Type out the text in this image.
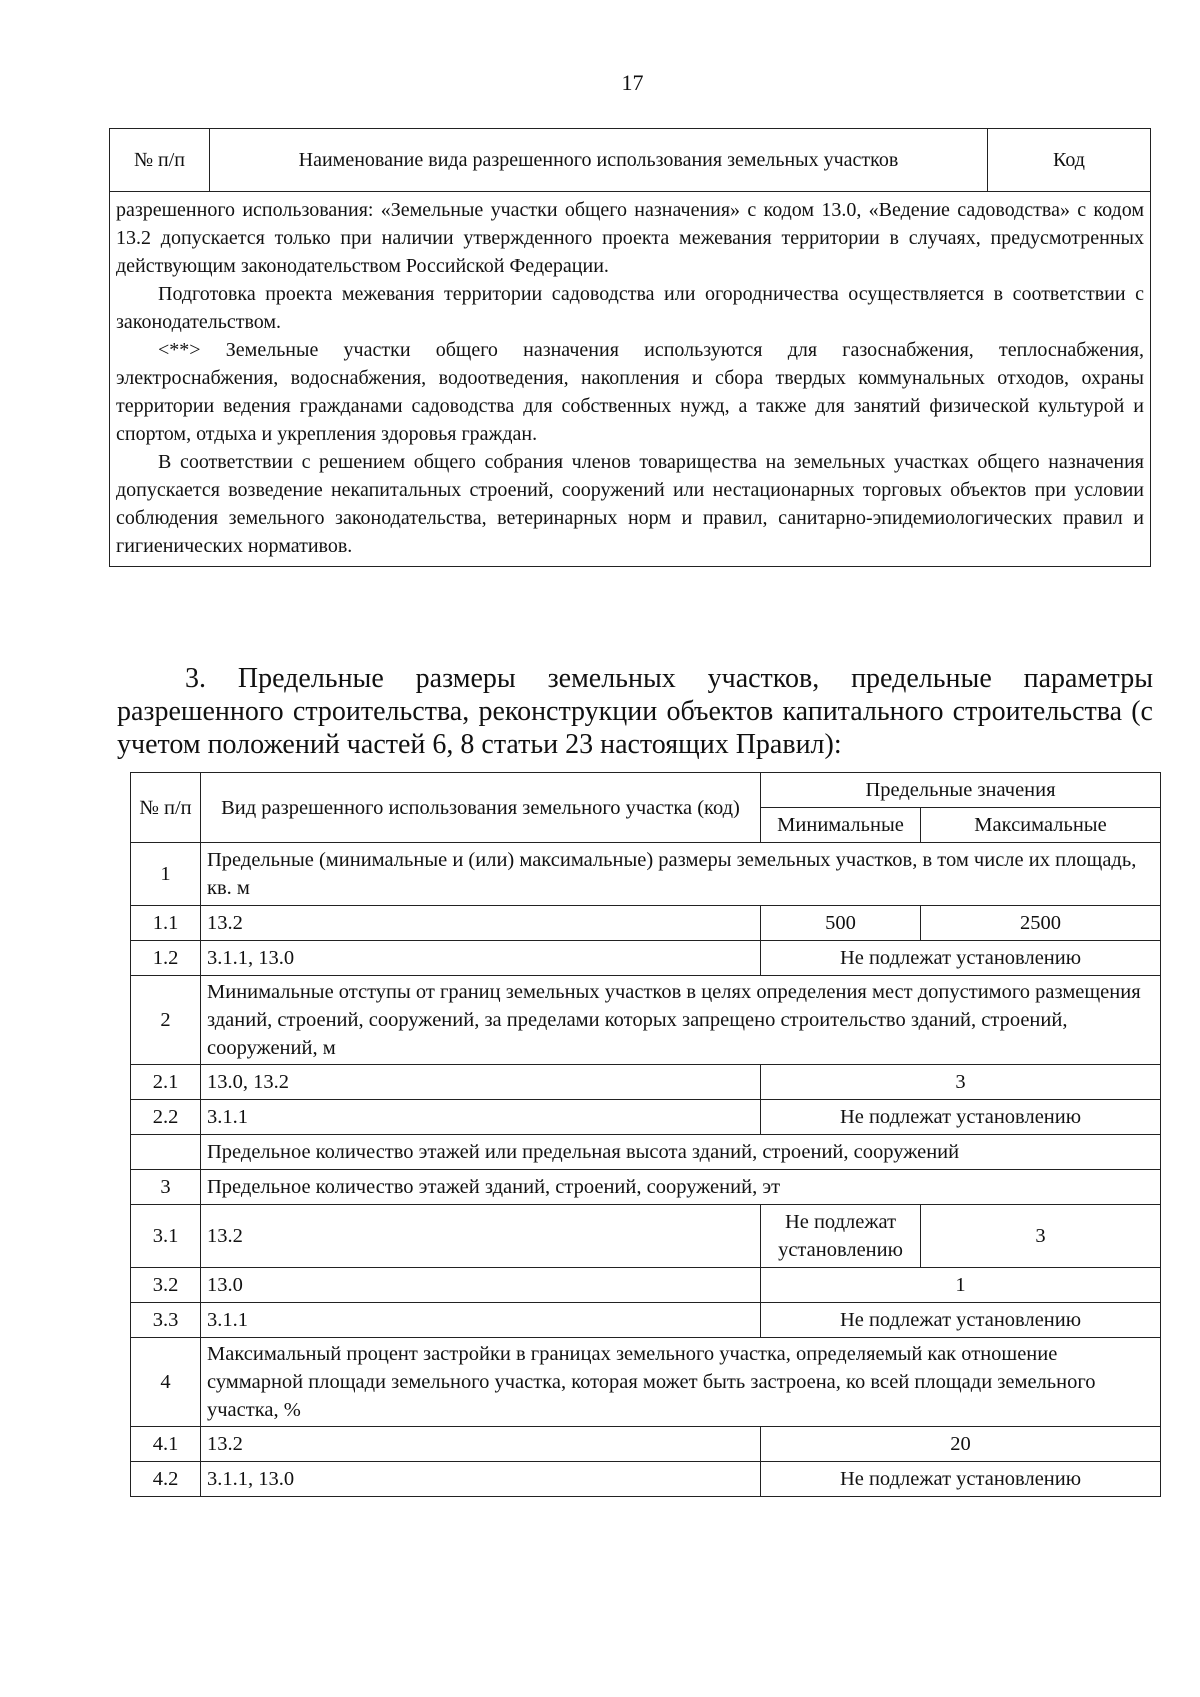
17
№ п/п	Наименование вида разрешенного использования земельных участков	Код

разрешенного использования: «Земельные участки общего назначения» с кодом 13.0, «Ведение садоводства» с кодом 13.2 допускается только при наличии утвержденного проекта межевания территории в случаях, предусмотренных действующим законодательством Российской Федерации.

Подготовка проекта межевания территории садоводства или огородничества осуществляется в соответствии с законодательством.

<**> Земельные участки общего назначения используются для газоснабжения, теплоснабжения, электроснабжения, водоснабжения, водоотведения, накопления и сбора твердых коммунальных отходов, охраны территории ведения гражданами садоводства для собственных нужд, а также для занятий физической культурой и спортом, отдыха и укрепления здоровья граждан.

В соответствии с решением общего собрания членов товарищества на земельных участках общего назначения допускается возведение некапитальных строений, сооружений или нестационарных торговых объектов при условии соблюдения земельного законодательства, ветеринарных норм и правил, санитарно-эпидемиологических правил и гигиенических нормативов.

3. Предельные размеры земельных участков, предельные параметры разрешенного строительства, реконструкции объектов капитального строительства (с учетом положений частей 6, 8 статьи 23 настоящих Правил):

№ п/п	Вид разрешенного использования земельного участка (код)	Предельные значения	
		Минимальные	Максимальные
1	Предельные (минимальные и (или) максимальные) размеры земельных участков, в том числе их площадь, кв. м		
1.1	13.2	500	2500
1.2	3.1.1, 13.0	Не подлежат установлению	
2	Минимальные отступы от границ земельных участков в целях определения мест допустимого размещения зданий, строений, сооружений, за пределами которых запрещено строительство зданий, строений, сооружений, м		
2.1	13.0, 13.2	3	
2.2	3.1.1	Не подлежат установлению	
	Предельное количество этажей или предельная высота зданий, строений, сооружений		
3	Предельное количество этажей зданий, строений, сооружений, эт		
3.1	13.2	Не подлежат установлению	3
3.2	13.0	1	
3.3	3.1.1	Не подлежат установлению	
4	Максимальный процент застройки в границах земельного участка, определяемый как отношение суммарной площади земельного участка, которая может быть застроена, ко всей площади земельного участка, %		
4.1	13.2	20	
4.2	3.1.1, 13.0	Не подлежат установлению	
